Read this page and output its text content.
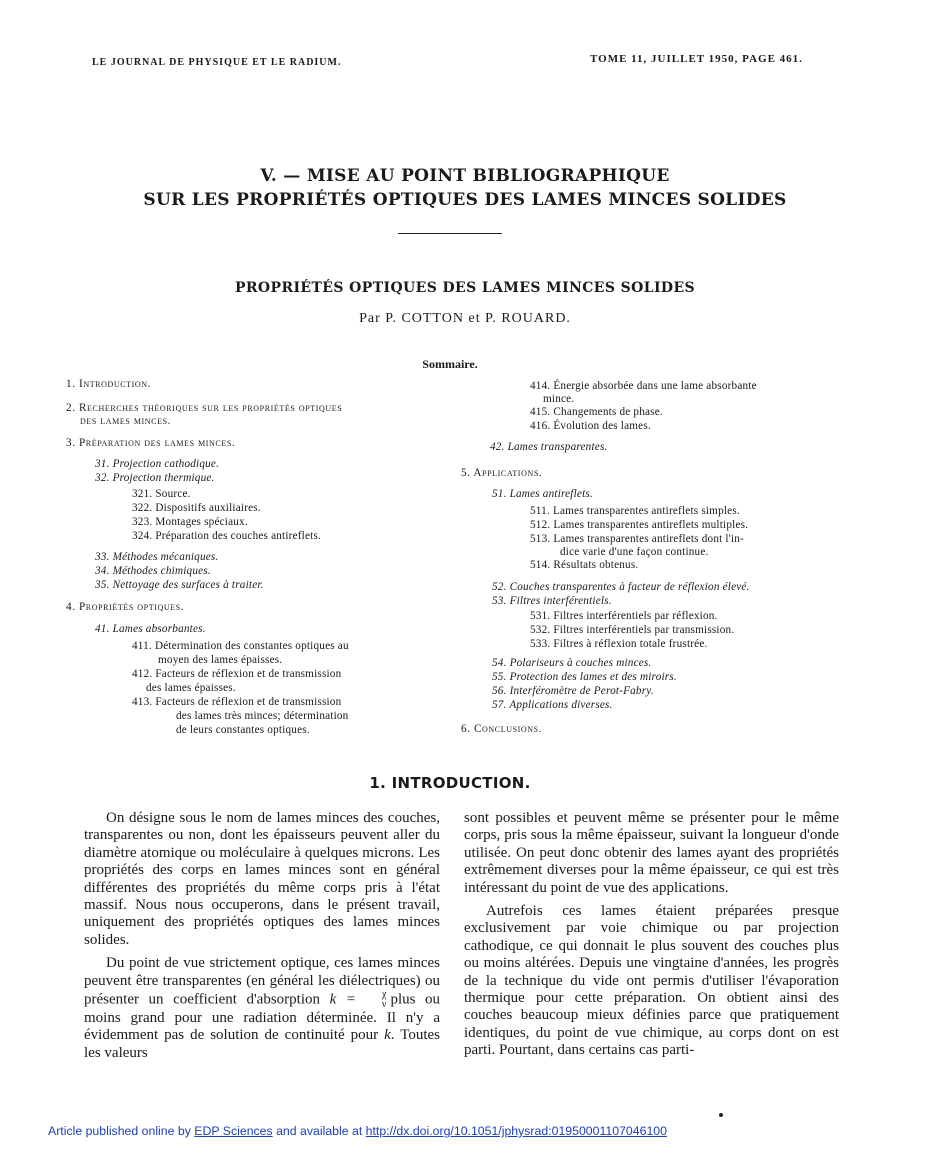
LE JOURNAL DE PHYSIQUE ET LE RADIUM.	TOME 11, JUILLET 1950, PAGE 461.
V. — MISE AU POINT BIBLIOGRAPHIQUE
SUR LES PROPRIÉTÉS OPTIQUES DES LAMES MINCES SOLIDES
PROPRIÉTÉS OPTIQUES DES LAMES MINCES SOLIDES
Par P. COTTON et P. ROUARD.
Sommaire.
1. Introduction.
2. Recherches théoriques sur les propriétés optiques
des lames minces.
3. Préparation des lames minces.
31. Projection cathodique.
32. Projection thermique.
321. Source.
322. Dispositifs auxiliaires.
323. Montages spéciaux.
324. Préparation des couches antireflets.
33. Méthodes mécaniques.
34. Méthodes chimiques.
35. Nettoyage des surfaces à traiter.
4. Propriétés optiques.
41. Lames absorbantes.
411. Détermination des constantes optiques au
moyen des lames épaisses.
412. Facteurs de réflexion et de transmission
des lames épaisses.
413. Facteurs de réflexion et de transmission
des lames très minces; détermination
de leurs constantes optiques.
414. Énergie absorbée dans une lame absorbante
mince.
415. Changements de phase.
416. Évolution des lames.
42. Lames transparentes.
5. Applications.
51. Lames antireflets.
511. Lames transparentes antireflets simples.
512. Lames transparentes antireflets multiples.
513. Lames transparentes antireflets dont l'in-
dice varie d'une façon continue.
514. Résultats obtenus.
52. Couches transparentes à facteur de réflexion élevé.
53. Filtres interférentiels.
531. Filtres interférentiels par réflexion.
532. Filtres interférentiels par transmission.
533. Filtres à réflexion totale frustrée.
54. Polariseurs à couches minces.
55. Protection des lames et des miroirs.
56. Interféromètre de Perot-Fabry.
57. Applications diverses.
6. Conclusions.
1. INTRODUCTION.

On désigne sous le nom de lames minces des couches, transparentes ou non, dont les épaisseurs peuvent aller du diamètre atomique ou moléculaire à quelques microns. Les propriétés des corps en lames minces sont en général différentes des propriétés du même corps pris à l'état massif. Nous nous occuperons, dans le présent travail, uniquement des propriétés optiques des lames minces solides.

Du point de vue strictement optique, ces lames minces peuvent être transparentes (en général les diélectriques) ou présenter un coefficient d'absorption k =	χ
ν plus ou moins grand pour une radiation déterminée. Il n'y a évidemment pas de solution de continuité pour k. Toutes les valeurs

sont possibles et peuvent même se présenter pour le même corps, pris sous la même épaisseur, suivant la longueur d'onde utilisée. On peut donc obtenir des lames ayant des propriétés extrêmement diverses pour la même épaisseur, ce qui est très intéressant du point de vue des applications.

Autrefois ces lames étaient préparées presque exclusivement par voie chimique ou par projection cathodique, ce qui donnait le plus souvent des couches plus ou moins altérées. Depuis une vingtaine d'années, les progrès de la technique du vide ont permis d'utiliser l'évaporation thermique pour cette préparation. On obtient ainsi des couches beaucoup mieux définies parce que pratiquement identiques, du point de vue chimique, au corps dont on est parti. Pourtant, dans certains cas parti-

Article published online by EDP Sciences and available at http://dx.doi.org/10.1051/jphysrad:01950001107046100
